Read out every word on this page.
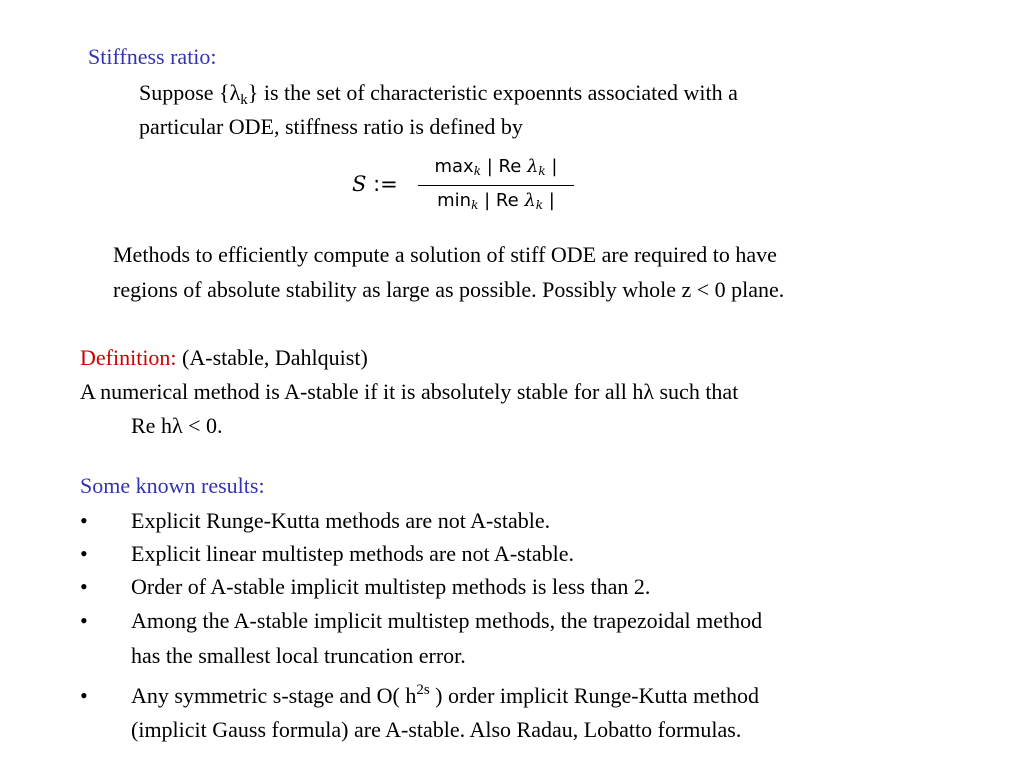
Stiffness ratio:
Suppose $\{\lambda_k\}$ is the set of characteristic expoennts associated with a
particular ODE, stiffness ratio is defined by
S :=
$\max_k$ | Re $\lambda_k$ |
$\min_k$ | Re $\lambda_k$ |
Methods to efficiently compute a solution of stiff ODE are required to have
regions of absolute stability as large as possible. Possibly whole z < 0 plane.
Definition: (A-stable, Dahlquist)
A numerical method is A-stable if it is absolutely stable for all hλ such that
Re hλ < 0.
Some known results:
•	Explicit Runge-Kutta methods are not A-stable.
•	Explicit linear multistep methods are not A-stable.
•	Order of A-stable implicit multistep methods is less than 2.
•	Among the A-stable implicit multistep methods, the trapezoidal method
has the smallest local truncation error.
•	Any symmetric s-stage and O( $h^{2s}$ ) order implicit Runge-Kutta method
(implicit Gauss formula) are A-stable. Also Radau, Lobatto formulas.
